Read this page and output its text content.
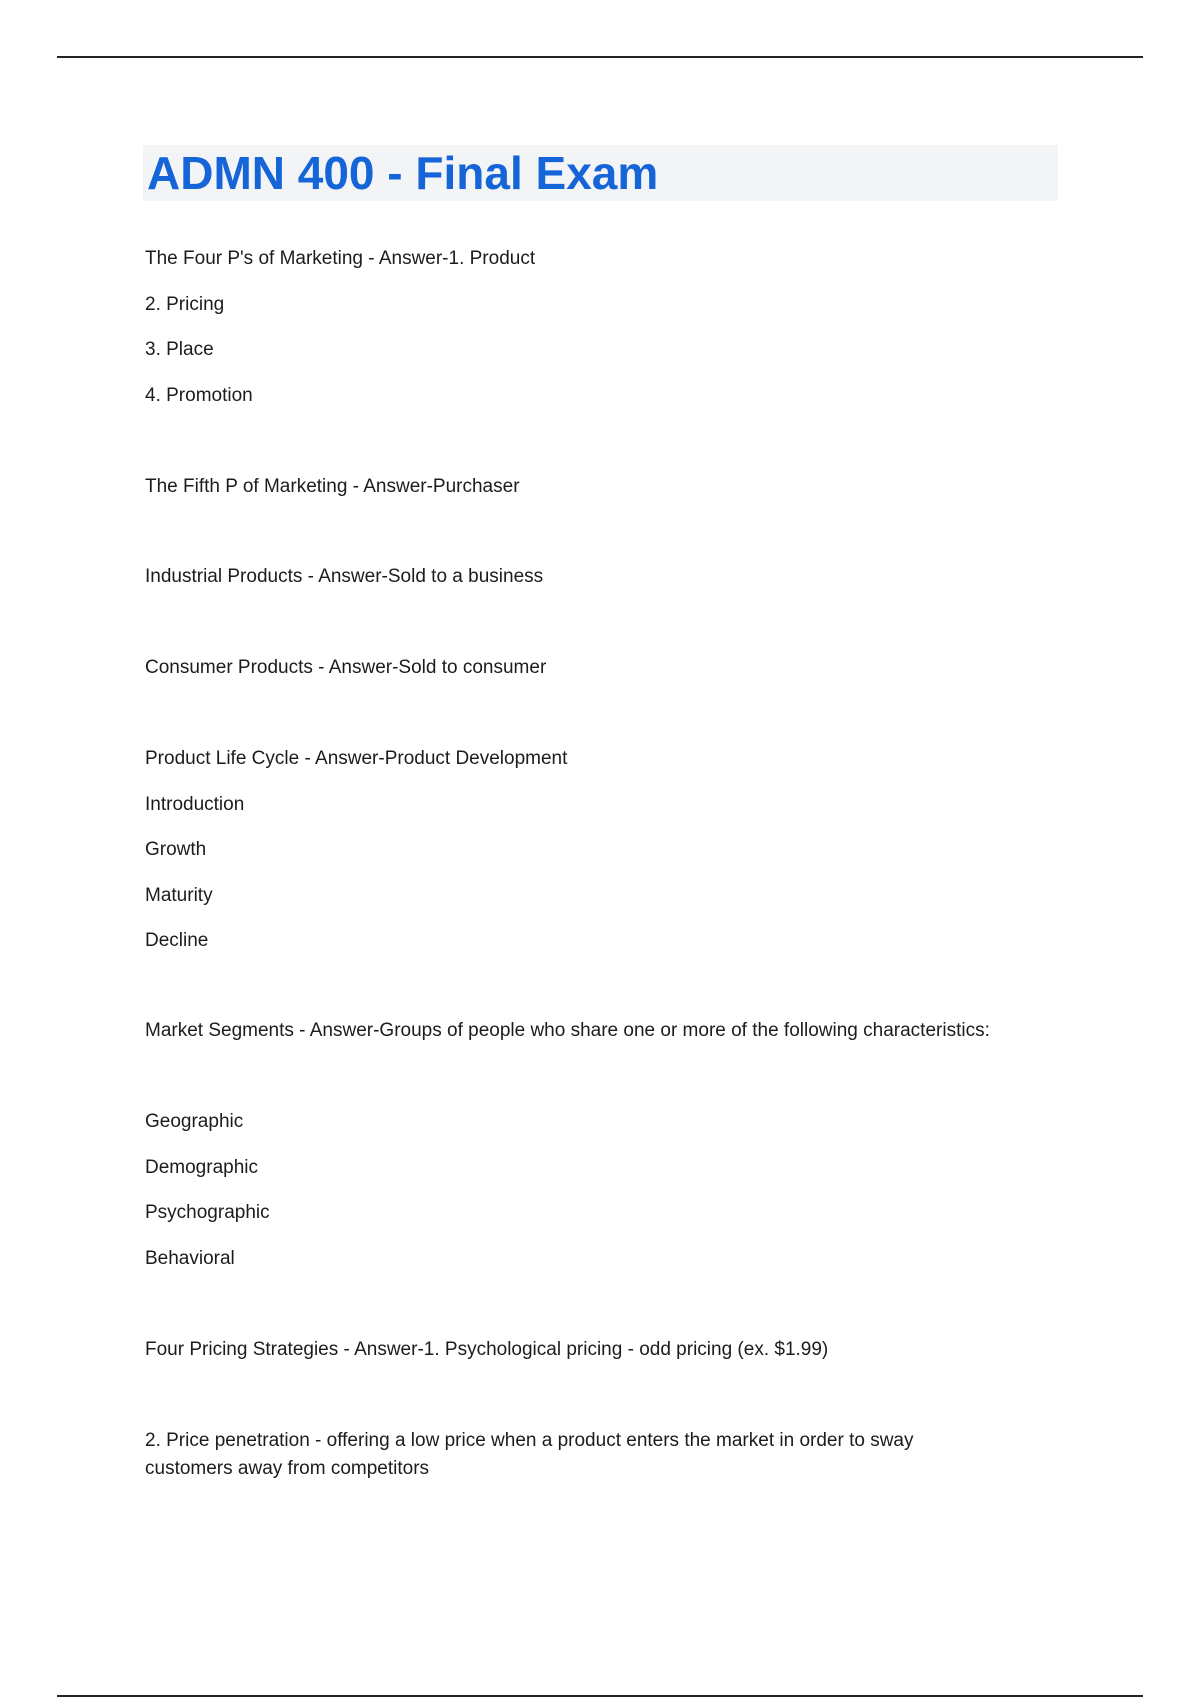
ADMN 400 - Final Exam
The Four P's of Marketing - Answer-1. Product
2. Pricing
3. Place
4. Promotion
The Fifth P of Marketing - Answer-Purchaser
Industrial Products - Answer-Sold to a business
Consumer Products - Answer-Sold to consumer
Product Life Cycle - Answer-Product Development
Introduction
Growth
Maturity
Decline
Market Segments - Answer-Groups of people who share one or more of the following characteristics:
Geographic
Demographic
Psychographic
Behavioral
Four Pricing Strategies - Answer-1. Psychological pricing - odd pricing (ex. $1.99)
2. Price penetration - offering a low price when a product enters the market in order to sway customers away from competitors
